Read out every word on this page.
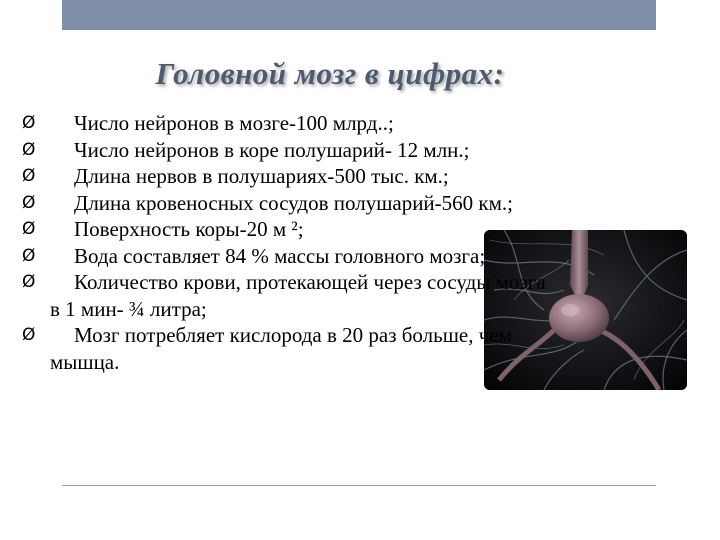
Головной мозг в цифрах:
Ø	Число нейронов в мозге-100 млрд..;
Ø	Число нейронов в коре полушарий- 12 млн.;
Ø	Длина нервов в полушариях-500 тыс. км.;
Ø	Длина кровеносных сосудов полушарий-560 км.;
Ø	Поверхность коры-20 м ²;
Ø	Вода составляет 84 % массы головного мозга;
Ø	Количество крови, протекающей через сосуды мозга в 1 мин- ¾ литра;
Ø	Мозг потребляет кислорода в 20 раз больше, чем мышца.
